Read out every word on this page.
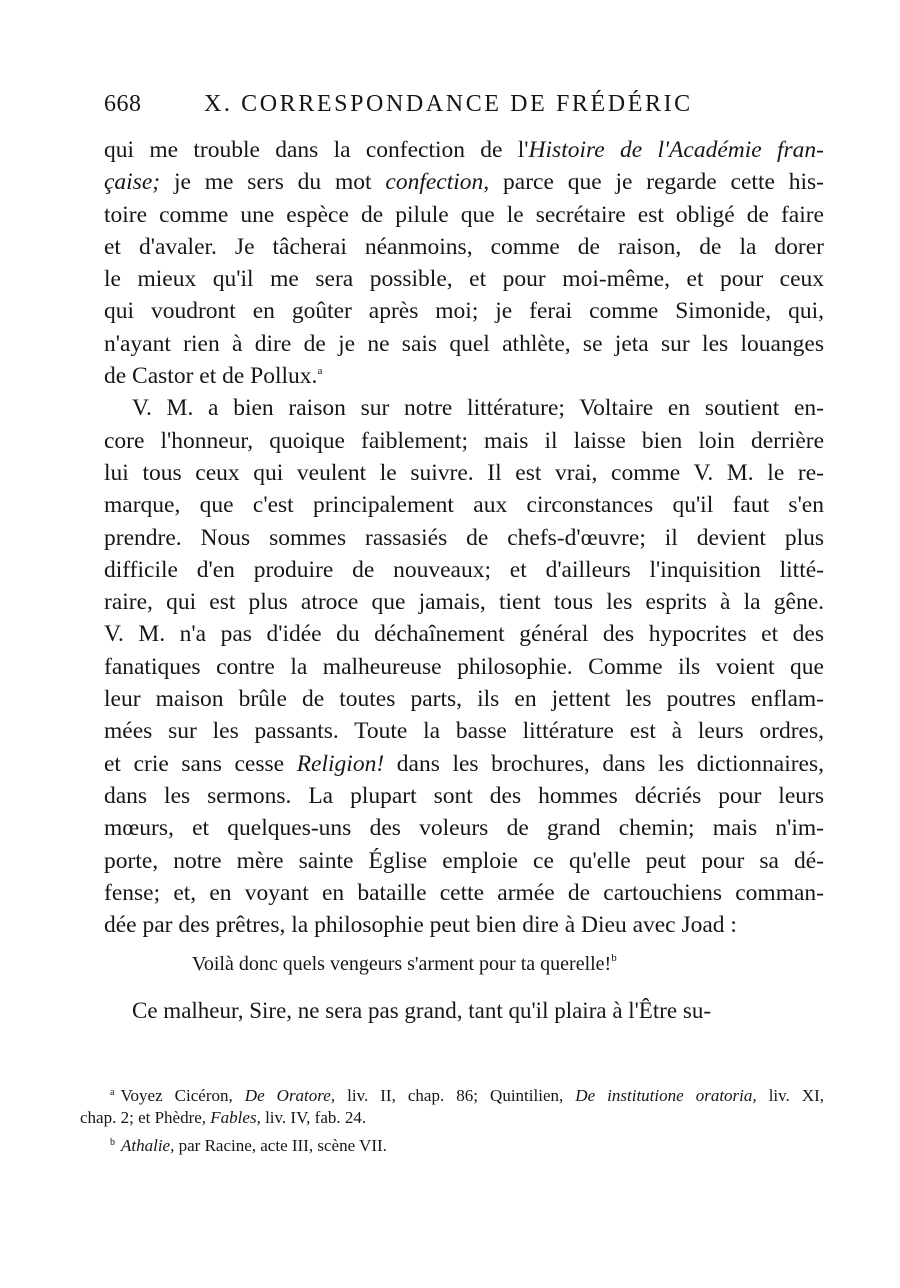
668	X. CORRESPONDANCE DE FRÉDÉRIC
qui me trouble dans la confection de l'Histoire de l'Académie fran-
çaise; je me sers du mot confection, parce que je regarde cette his-
toire comme une espèce de pilule que le secrétaire est obligé de faire
et d'avaler. Je tâcherai néanmoins, comme de raison, de la dorer
le mieux qu'il me sera possible, et pour moi-même, et pour ceux
qui voudront en goûter après moi; je ferai comme Simonide, qui,
n'ayant rien à dire de je ne sais quel athlète, se jeta sur les louanges
de Castor et de Pollux.$^a$
V. M. a bien raison sur notre littérature; Voltaire en soutient en-
core l'honneur, quoique faiblement; mais il laisse bien loin derrière
lui tous ceux qui veulent le suivre. Il est vrai, comme V. M. le re-
marque, que c'est principalement aux circonstances qu'il faut s'en
prendre. Nous sommes rassasiés de chefs-d'œuvre; il devient plus
difficile d'en produire de nouveaux; et d'ailleurs l'inquisition litté-
raire, qui est plus atroce que jamais, tient tous les esprits à la gêne.
V. M. n'a pas d'idée du déchaînement général des hypocrites et des
fanatiques contre la malheureuse philosophie. Comme ils voient que
leur maison brûle de toutes parts, ils en jettent les poutres enflam-
mées sur les passants. Toute la basse littérature est à leurs ordres,
et crie sans cesse Religion! dans les brochures, dans les dictionnaires,
dans les sermons. La plupart sont des hommes décriés pour leurs
mœurs, et quelques-uns des voleurs de grand chemin; mais n'im-
porte, notre mère sainte Église emploie ce qu'elle peut pour sa dé-
fense; et, en voyant en bataille cette armée de cartouchiens comman-
dée par des prêtres, la philosophie peut bien dire à Dieu avec Joad :
Voilà donc quels vengeurs s'arment pour ta querelle!$^b$
Ce malheur, Sire, ne sera pas grand, tant qu'il plaira à l'Être su-
$^a$ Voyez Cicéron, De Oratore, liv. II, chap. 86; Quintilien, De institutione oratoria, liv. XI,
chap. 2; et Phèdre, Fables, liv. IV, fab. 24.
$^b$ Athalie, par Racine, acte III, scène VII.
